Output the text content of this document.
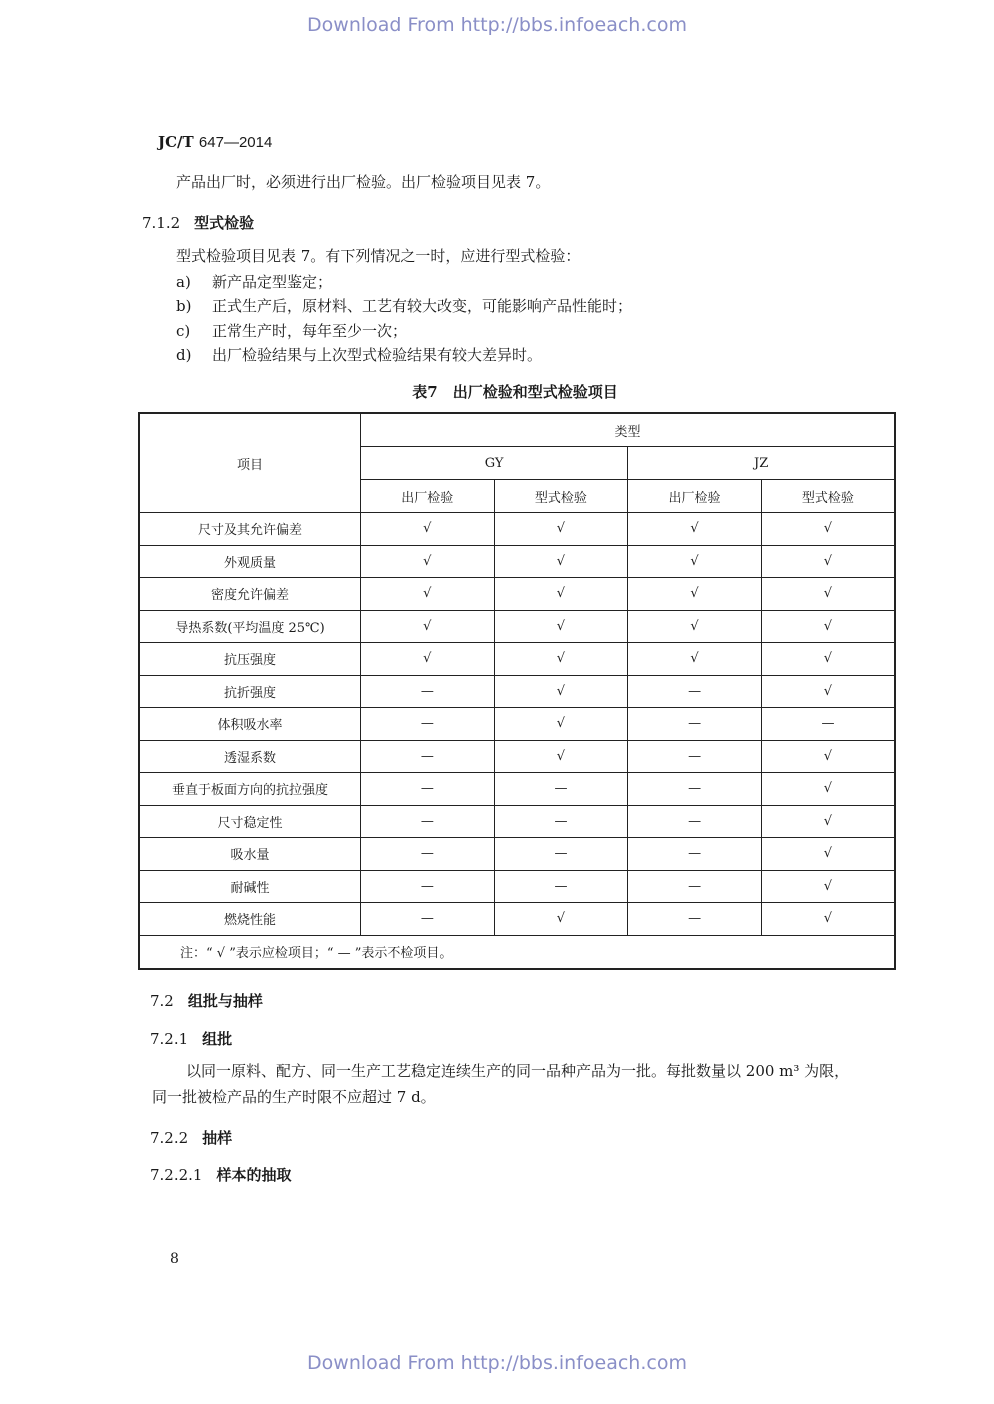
Download From http://bbs.infoeach.com
JC/T 647—2014
产品出厂时，必须进行出厂检验。出厂检验项目见表 7。
7.1.2 型式检验
型式检验项目见表 7。有下列情况之一时，应进行型式检验：
a) 新产品定型鉴定；
b) 正式生产后，原材料、工艺有较大改变，可能影响产品性能时；
c) 正常生产时，每年至少一次；
d) 出厂检验结果与上次型式检验结果有较大差异时。
表7　出厂检验和型式检验项目
项目	类型			
	GY		JZ	
	出厂检验	型式检验	出厂检验	型式检验
尺寸及其允许偏差	√	√	√	√
外观质量	√	√	√	√
密度允许偏差	√	√	√	√
导热系数(平均温度 25℃)	√	√	√	√
抗压强度	√	√	√	√
抗折强度	—	√	—	√
体积吸水率	—	√	—	—
透湿系数	—	√	—	√
垂直于板面方向的抗拉强度	—	—	—	√
尺寸稳定性	—	—	—	√
吸水量	—	—	—	√
耐碱性	—	—	—	√
燃烧性能	—	√	—	√
注：“ √ ”表示应检项目；“ — ”表示不检项目。				
7.2 组批与抽样
7.2.1 组批
以同一原料、配方、同一生产工艺稳定连续生产的同一品种产品为一批。每批数量以 200 m³ 为限，
同一批被检产品的生产时限不应超过 7 d。
7.2.2 抽样
7.2.2.1 样本的抽取
8
Download From http://bbs.infoeach.com
